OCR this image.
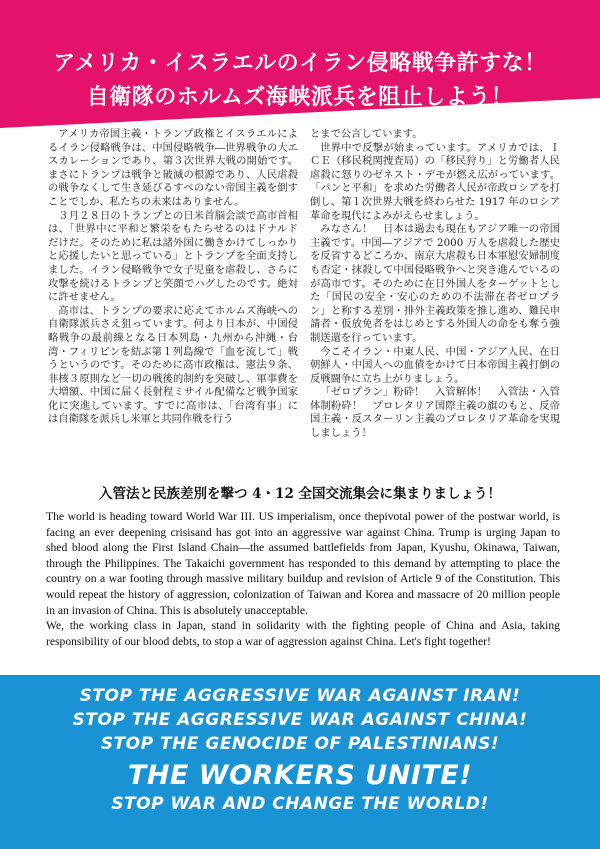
アメリカ・イスラエルのイラン侵略戦争許すな！
自衛隊のホルムズ海峡派兵を阻止しよう！

アメリカ帝国主義・トランプ政権とイスラエルによるイラン侵略戦争は、中国侵略戦争―世界戦争の大エスカレーションであり、第３次世界大戦の開始です。まさにトランプは戦争と破滅の根源であり、人民虐殺の戦争なくして生き延びるすべのない帝国主義を倒すことでしか、私たちの未来はありません。

３月２８日のトランプとの日米首脳会談で高市首相は、「世界中に平和と繁栄をもたらせるのはドナルドだけだ。そのために私は諸外国に働きかけてしっかりと応援したいと思っている」とトランプを全面支持しました。イラン侵略戦争で女子児童を虐殺し、さらに攻撃を続けるトランプと笑顔でハグしたのです。絶対に許せません。

高市は、トランプの要求に応えてホルムズ海峡への自衛隊派兵さえ狙っています。何より日本が、中国侵略戦争の最前線となる日本列島・九州から沖縄・台湾・フィリピンを結ぶ第１列島線で「血を流して」戦うというのです。そのために高市政権は、憲法９条、非核３原則など一切の戦後的制約を突破し、軍事費を大増額、中国に届く長射程ミサイル配備など戦争国家化に突進しています。すでに高市は、「台湾有事」には自衛隊を派兵し米軍と共同作戦を行う

とまで公言しています。

世界中で反撃が始まっています。アメリカでは、ＩＣＥ（移民税関捜査局）の「移民狩り」と労働者人民虐殺に怒りのゼネスト・デモが燃え広がっています。「パンと平和」を求めた労働者人民が帝政ロシアを打倒し、第１次世界大戦を終わらせた 1917 年のロシア革命を現代によみがえらせましょう。

みなさん！　日本は過去も現在もアジア唯一の帝国主義です。中国―アジアで 2000 万人を虐殺した歴史を反省するどころか、南京大虐殺も日本軍慰安婦制度も否定・抹殺して中国侵略戦争へと突き進んでいるのが高市です。そのために在日外国人をターゲットとした「国民の安全・安心のための不法滞在者ゼロプラン」と称する差別・排外主義政策を推し進め、難民申請者・仮放免者をはじめとする外国人の命をも奪う強制送還を行っています。

今こそイラン・中東人民、中国・アジア人民、在日朝鮮人・中国人への血債をかけて日本帝国主義打倒の反戦闘争に立ち上がりましょう。

「ゼロプラン」粉砕！　入管解体！　入管法・入管体制粉砕！　プロレタリア国際主義の旗のもと、反帝国主義・反スターリン主義のプロレタリア革命を実現しましょう！

入管法と民族差別を撃つ 4・12 全国交流集会に集まりましょう！

The world is heading toward World War III. US imperialism, once thepivotal power of the postwar world, is facing an ever deepening crisisand has got into an aggressive war against China. Trump is urging Japan to shed blood along the First Island Chain—the assumed battlefields from Japan, Kyushu, Okinawa, Taiwan, through the Philippines. The Takaichi government has responded to this demand by attempting to place the country on a war footing through massive military buildup and revision of Article 9 of the Constitution. This would repeat the history of aggression, colonization of Taiwan and Korea and massacre of 20 million people in an invasion of China. This is absolutely unacceptable.

We, the working class in Japan, stand in solidarity with the fighting people of China and Asia, taking responsibility of our blood debts, to stop a war of aggression against China. Let's fight together!

STOP THE AGGRESSIVE WAR AGAINST IRAN!
STOP THE AGGRESSIVE WAR AGAINST CHINA!
STOP THE GENOCIDE OF PALESTINIANS!
THE WORKERS UNITE!
STOP WAR AND CHANGE THE WORLD!
